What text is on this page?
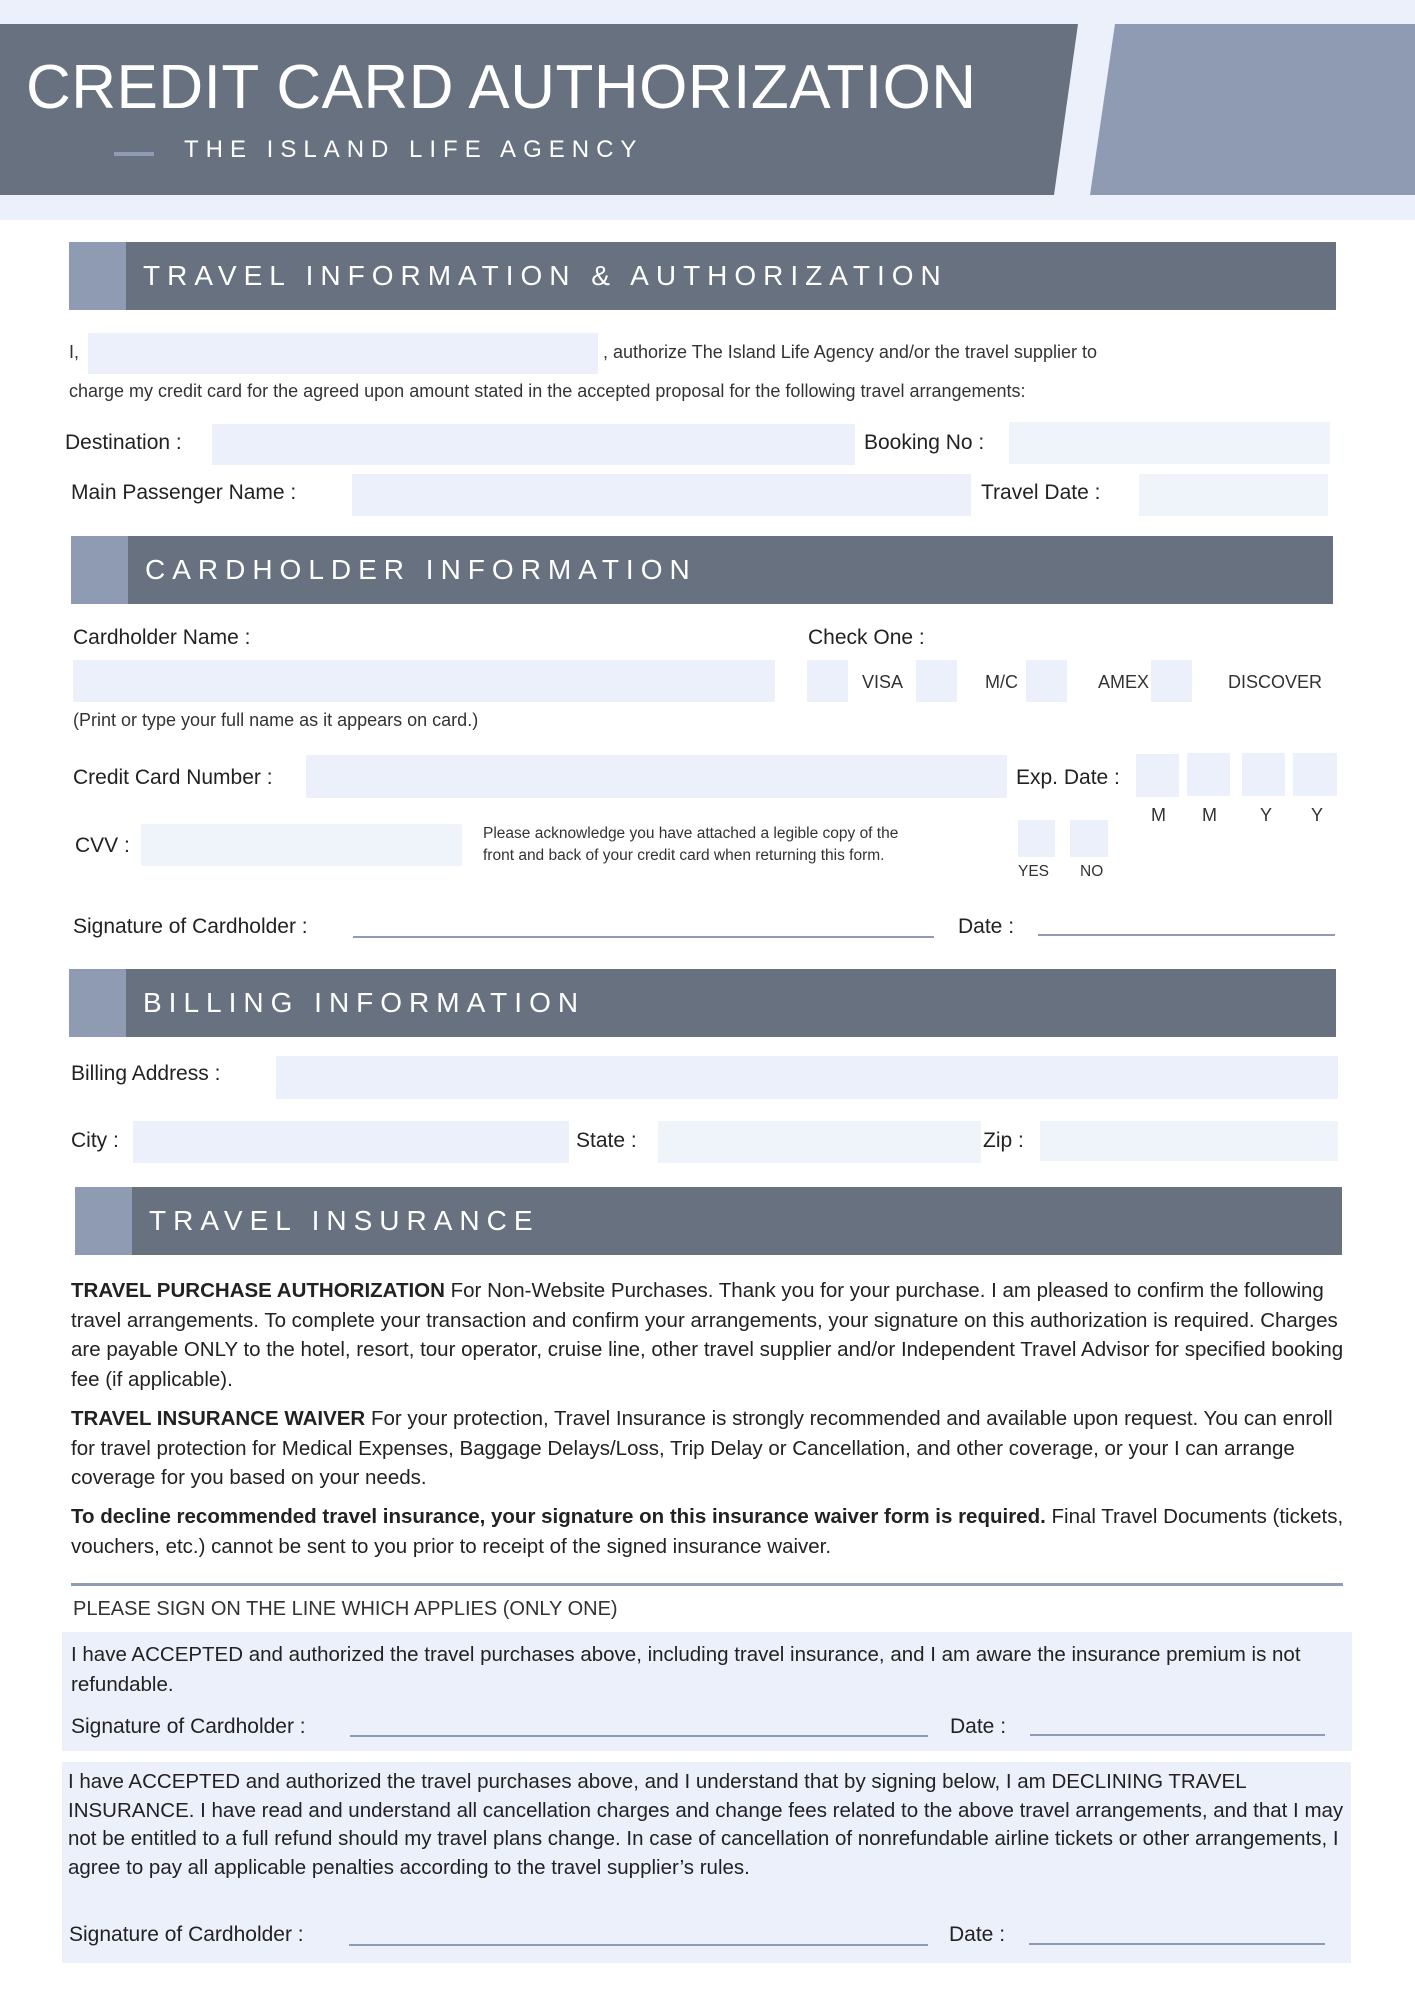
CREDIT CARD AUTHORIZATION
THE ISLAND LIFE AGENCY
TRAVEL INFORMATION & AUTHORIZATION
I,	, authorize The Island Life Agency and/or the travel supplier to
charge my credit card for the agreed upon amount stated in the accepted proposal for the following travel arrangements:
Destination :	Booking No :
Main Passenger Name :	Travel Date :
CARDHOLDER INFORMATION
Cardholder Name :
(Print or type your full name as it appears on card.)
Check One :
VISA	M/C	AMEX	DISCOVER
Credit Card Number :	Exp. Date :
M M Y Y
CVV :
Please acknowledge you have attached a legible copy of the
front and back of your credit card when returning this form.
YES NO
Signature of Cardholder :	Date :
BILLING INFORMATION
Billing Address :
City :	State :	Zip :
TRAVEL INSURANCE
TRAVEL PURCHASE AUTHORIZATION For Non-Website Purchases. Thank you for your purchase. I am pleased to confirm the following travel arrangements. To complete your transaction and confirm your arrangements, your signature on this authorization is required. Charges are payable ONLY to the hotel, resort, tour operator, cruise line, other travel supplier and/or Independent Travel Advisor for specified booking fee (if applicable).
TRAVEL INSURANCE WAIVER For your protection, Travel Insurance is strongly recommended and available upon request. You can enroll for travel protection for Medical Expenses, Baggage Delays/Loss, Trip Delay or Cancellation, and other coverage, or your I can arrange coverage for you based on your needs.
To decline recommended travel insurance, your signature on this insurance waiver form is required. Final Travel Documents (tickets, vouchers, etc.) cannot be sent to you prior to receipt of the signed insurance waiver.
PLEASE SIGN ON THE LINE WHICH APPLIES (ONLY ONE)
I have ACCEPTED and authorized the travel purchases above, including travel insurance, and I am aware the insurance premium is not refundable.
Signature of Cardholder :	Date :
I have ACCEPTED and authorized the travel purchases above, and I understand that by signing below, I am DECLINING TRAVEL INSURANCE. I have read and understand all cancellation charges and change fees related to the above travel arrangements, and that I may not be entitled to a full refund should my travel plans change. In case of cancellation of nonrefundable airline tickets or other arrangements, I agree to pay all applicable penalties according to the travel supplier’s rules.
Signature of Cardholder :	Date :
